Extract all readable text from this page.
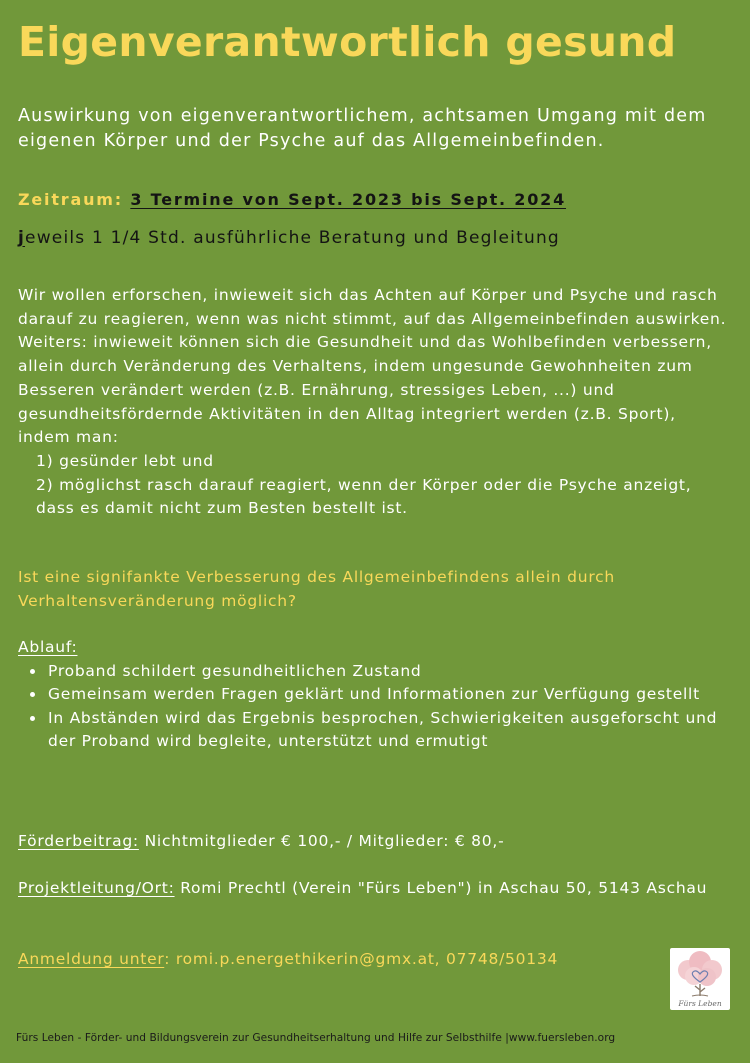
Eigenverantwortlich gesund
Auswirkung von eigenverantwortlichem, achtsamen Umgang mit dem eigenen Körper und der Psyche auf das Allgemeinbefinden.
Zeitraum: 3 Termine von Sept. 2023 bis Sept. 2024
jeweils 1 1/4 Std. ausführliche Beratung und Begleitung

Wir wollen erforschen, inwieweit sich das Achten auf Körper und Psyche und rasch darauf zu reagieren, wenn was nicht stimmt, auf das Allgemeinbefinden auswirken. Weiters: inwieweit können sich die Gesundheit und das Wohlbefinden verbessern, allein durch Veränderung des Verhaltens, indem ungesunde Gewohnheiten zum Besseren verändert werden (z.B. Ernährung, stressiges Leben, ...) und gesundheitsfördernde Aktivitäten in den Alltag integriert werden (z.B. Sport), indem man:

1) gesünder lebt und

2) möglichst rasch darauf reagiert, wenn der Körper oder die Psyche anzeigt, dass es damit nicht zum Besten bestellt ist.

Ist eine signifankte Verbesserung des Allgemeinbefindens allein durch Verhaltensveränderung möglich?
Ablauf:
• Proband schildert gesundheitlichen Zustand
• Gemeinsam werden Fragen geklärt und Informationen zur Verfügung gestellt
• In Abständen wird das Ergebnis besprochen, Schwierigkeiten ausgeforscht und der Proband wird begleite, unterstützt und ermutigt
Förderbeitrag: Nichtmitglieder € 100,- / Mitglieder: € 80,-
Projektleitung/Ort: Romi Prechtl (Verein "Fürs Leben") in Aschau 50, 5143 Aschau
Anmeldung unter: romi.p.energethikerin@gmx.at, 07748/50134
Fürs Leben
Fürs Leben - Förder- und Bildungsverein zur Gesundheitserhaltung und Hilfe zur Selbsthilfe |www.fuersleben.org
